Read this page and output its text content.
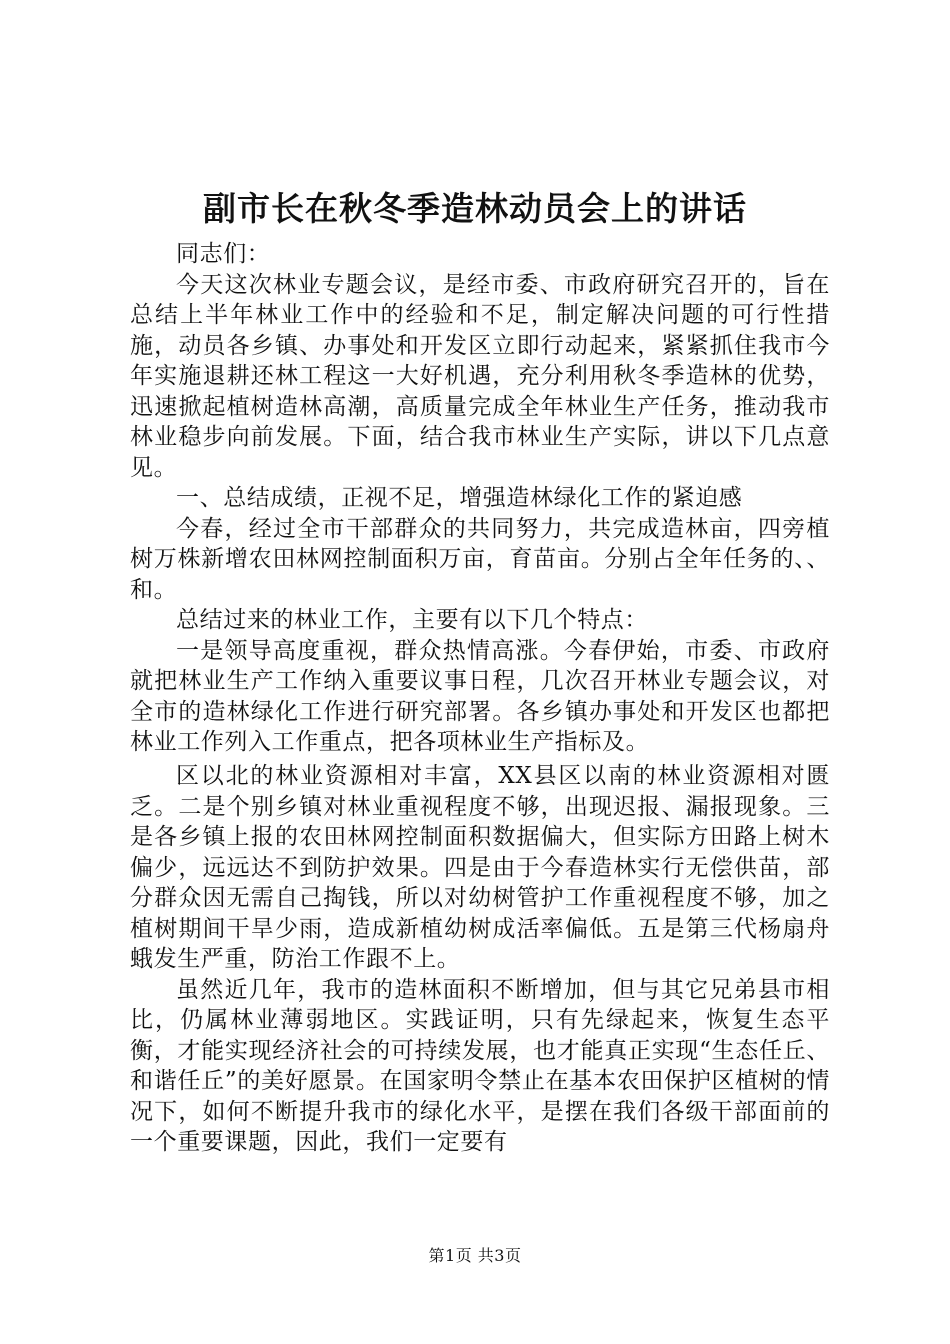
副市长在秋冬季造林动员会上的讲话

同志们：

今天这次林业专题会议，是经市委、市政府研究召开的，旨在总结上半年林业工作中的经验和不足，制定解决问题的可行性措施，动员各乡镇、办事处和开发区立即行动起来，紧紧抓住我市今年实施退耕还林工程这一大好机遇，充分利用秋冬季造林的优势，迅速掀起植树造林高潮，高质量完成全年林业生产任务，推动我市林业稳步向前发展。下面，结合我市林业生产实际，讲以下几点意见。

一、总结成绩，正视不足，增强造林绿化工作的紧迫感

今春，经过全市干部群众的共同努力，共完成造林亩，四旁植树万株新增农田林网控制面积万亩，育苗亩。分别占全年任务的、、和。

总结过来的林业工作，主要有以下几个特点：

一是领导高度重视，群众热情高涨。今春伊始，市委、市政府就把林业生产工作纳入重要议事日程，几次召开林业专题会议，对全市的造林绿化工作进行研究部署。各乡镇办事处和开发区也都把林业工作列入工作重点，把各项林业生产指标及。

区以北的林业资源相对丰富，XX县区以南的林业资源相对匮乏。二是个别乡镇对林业重视程度不够，出现迟报、漏报现象。三是各乡镇上报的农田林网控制面积数据偏大，但实际方田路上树木偏少，远远达不到防护效果。四是由于今春造林实行无偿供苗，部分群众因无需自己掏钱，所以对幼树管护工作重视程度不够，加之植树期间干旱少雨，造成新植幼树成活率偏低。五是第三代杨扇舟蛾发生严重，防治工作跟不上。

虽然近几年，我市的造林面积不断增加，但与其它兄弟县市相比，仍属林业薄弱地区。实践证明，只有先绿起来，恢复生态平衡，才能实现经济社会的可持续发展，也才能真正实现“生态任丘、和谐任丘”的美好愿景。在国家明令禁止在基本农田保护区植树的情况下，如何不断提升我市的绿化水平，是摆在我们各级干部面前的一个重要课题，因此，我们一定要有

第1页 共3页
